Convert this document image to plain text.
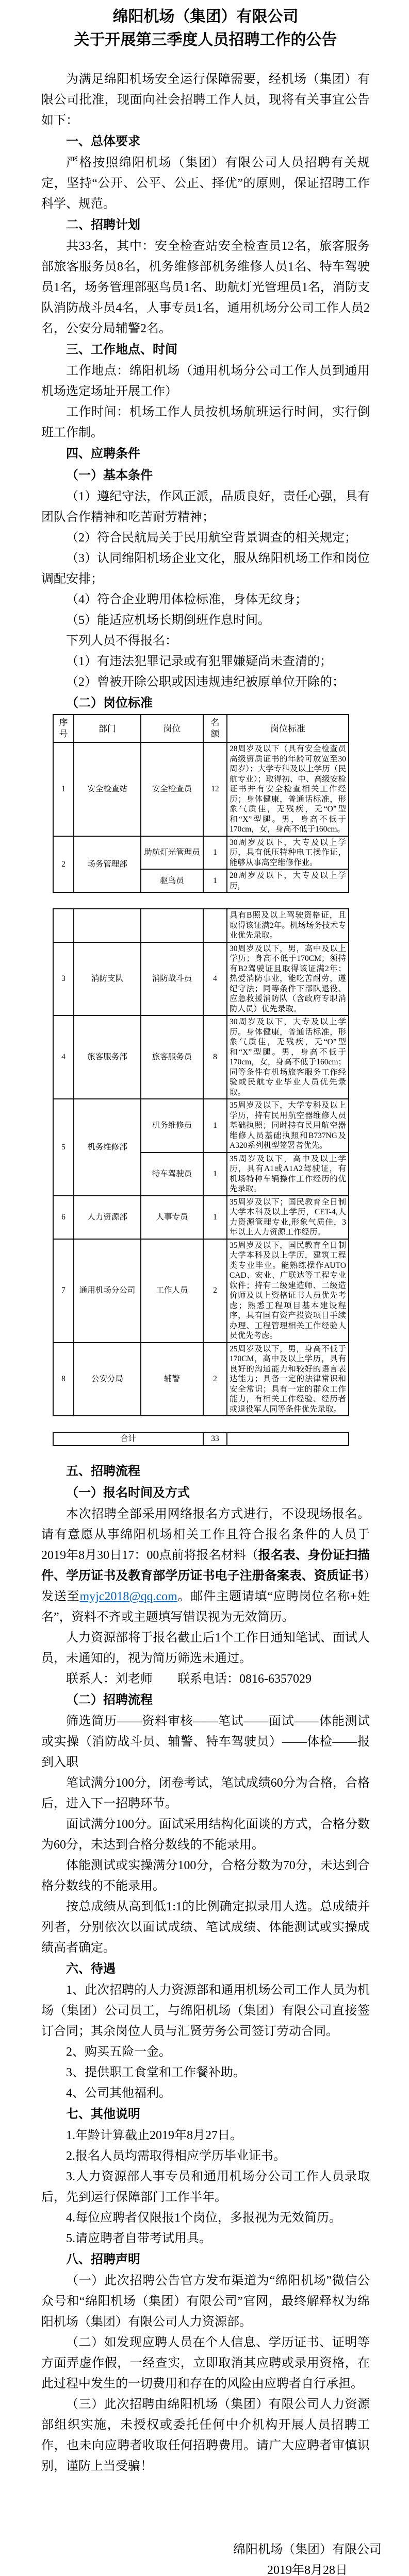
绵阳机场（集团）有限公司
关于开展第三季度人员招聘工作的公告

为满足绵阳机场安全运行保障需要，经机场（集团）有限公司批准，现面向社会招聘工作人员，现将有关事宜公告如下：

一、总体要求

严格按照绵阳机场（集团）有限公司人员招聘有关规定，坚持“公开、公平、公正、择优”的原则，保证招聘工作科学、规范。

二、招聘计划

共33名，其中：安全检查站安全检查员12名，旅客服务部旅客服务员8名，机务维修部机务维修人员1名、特车驾驶员1名，场务管理部驱鸟员1名、助航灯光管理员1名，消防支队消防战斗员4名，人事专员1名，通用机场分公司工作人员2名，公安分局辅警2名。

三、工作地点、时间

工作地点：绵阳机场（通用机场分公司工作人员到通用机场选定场址开展工作）

工作时间：机场工作人员按机场航班运行时间，实行倒班工作制。

四、应聘条件

（一）基本条件

（1）遵纪守法，作风正派，品质良好，责任心强，具有团队合作精神和吃苦耐劳精神；

（2）符合民航局关于民用航空背景调查的相关规定；

（3）认同绵阳机场企业文化，服从绵阳机场工作和岗位调配安排；

（4）符合企业聘用体检标准，身体无纹身；

（5）能适应机场长期倒班作息时间。

下列人员不得报名：

（1）有违法犯罪记录或有犯罪嫌疑尚未查清的；

（2）曾被开除公职或因违规违纪被原单位开除的；

（二）岗位标准

序号	部门	岗位	名额	岗位标准
1	安全检查站	安全检查员	12	28周岁及以下（具有安全检查员高级资质证书的年龄可放宽至30周岁）；大学专科及以上学历（民航专业）；取得初、中、高级安检证书并有安全检查相关工作经历；身体健康，普通话标准，形象气质佳，无残疾，无“O”型和“X”型腿。男，身高不低于170cm，女，身高不低于160cm。
2	场务管理部	助航灯光管理员	1	30周岁及以下，大专及以上学历，具有低压特种电工操作证，能够从事高空维修作业。
		驱鸟员	1	28周岁及以下，大专及以上学历，
				具有B照及以上驾驶资格证，且取得该证满2年。机场场务技术专业优先录取。
3	消防支队	消防战斗员	4	30周岁及以下，男，高中及以上学历；身高不低于170CM；须持有B2驾驶证且取得该证满2年；热爱消防事业，能吃苦耐劳，遵纪守法；同等条件下部队退役、应急救援消防队（含政府专职消防人员）优先录取。
4	旅客服务部	旅客服务员	8	30周岁及以下，大专及以上学历。身体健康，普通话标准，形象气质佳，无残疾，无“O”型和“X”型腿。男，身高不低于170cm，女，身高不低于160cm；同等条件有机场旅客服务工作经验或民航专业毕业人员优先录取。
5	机务维修部	机务维修员	1	35周岁及以下，大学专科及以上学历，持有民用航空器维修人员基础执照；同时持有民用航空器维修人员基础执照和B737NG及A320系列机型签署者优先。
		特车驾驶员	1	35周岁及以下，高中及以上学历，具有A1或A1A2驾驶证，有机场特种车辆操作工作经历的优先录取。
6	人力资源部	人事专员	1	35周岁及以下；国民教育全日制大学本科及以上学历，CET-4,人力资源管理专业,形象气质佳，3年以上人力资源工作经历。
7	通用机场分公司	工作人员	2	35周岁及以下，国民教育全日制大学本科及以上学历，建筑工程类专业毕业。能熟练操作AUTO CAD、宏业、广联达等工程专业软件；持有二级建造师、二级造价师及以上资格证书人员优先考虑；熟悉工程项目基本建设程序，具有国有资产投资项目手续办理、工程管理相关工作经验人员优先考虑。
8	公安分局	辅警	2	25周岁及以下，男，身高不低于170CM，高中及以上学历，具有良好的沟通能力和较好的语言表达能力；具备一定的法律常识和安全常识；具有一定的群众工作能力，有相关工作经验、经历者或退役军人同等条件优先录取。
合计	33	

五、招聘流程

（一）报名时间及方式

本次招聘全部采用网络报名方式进行，不设现场报名。请有意愿从事绵阳机场相关工作且符合报名条件的人员于2019年8月30日17：00点前将报名材料（报名表、身份证扫描件、学历证书及教育部学历证书电子注册备案表、资质证书）发送至myjc2018@qq.com。邮件主题请填“应聘岗位名称+姓名”，资料不齐或主题填写错误视为无效简历。

人力资源部将于报名截止后1个工作日通知笔试、面试人员，未通知的，视为简历筛选未通过。

联系人：刘老师　　联系电话：0816-6357029

（二）招聘流程

筛选简历——资料审核——笔试——面试——体能测试或实操（消防战斗员、辅警、特车驾驶员）——体检——报到入职

笔试满分100分，闭卷考试，笔试成绩60分为合格，合格后，进入下一招聘环节。

面试满分100分。面试采用结构化面谈的方式，合格分数为60分，未达到合格分数线的不能录用。

体能测试或实操满分100分，合格分数为70分，未达到合格分数线的不能录用。

按总成绩从高到低1:1的比例确定拟录用人选。总成绩并列者，分别依次以面试成绩、笔试成绩、体能测试或实操成绩高者确定。

六、待遇

1、此次招聘的人力资源部和通用机场公司工作人员为机场（集团）公司员工，与绵阳机场（集团）有限公司直接签订合同；其余岗位人员与汇贤劳务公司签订劳动合同。

2、购买五险一金。

3、提供职工食堂和工作餐补助。

4、公司其他福利。

七、其他说明

1.年龄计算截止2019年8月27日。

2.报名人员均需取得相应学历毕业证书。

3.人力资源部人事专员和通用机场分公司工作人员录取后，先到运行保障部门工作半年。

4.每位应聘者仅限报1个岗位，多报视为无效简历。

5.请应聘者自带考试用具。

八、招聘声明

（一）此次招聘公告官方发布渠道为“绵阳机场”微信公众号和“绵阳机场（集团）有限公司”官网，最终解释权为绵阳机场（集团）有限公司人力资源部。

（二）如发现应聘人员在个人信息、学历证书、证明等方面弄虚作假，一经查实，立即取消其应聘或录用资格，在此过程中发生的一切费用和存在的风险由应聘者自行承担。

（三）此次招聘由绵阳机场（集团）有限公司人力资源部组织实施，未授权或委托任何中介机构开展人员招聘工作，也未向应聘者收取任何招聘费用。请广大应聘者审慎识别，谨防上当受骗！

绵阳机场（集团）有限公司
2019年8月28日
